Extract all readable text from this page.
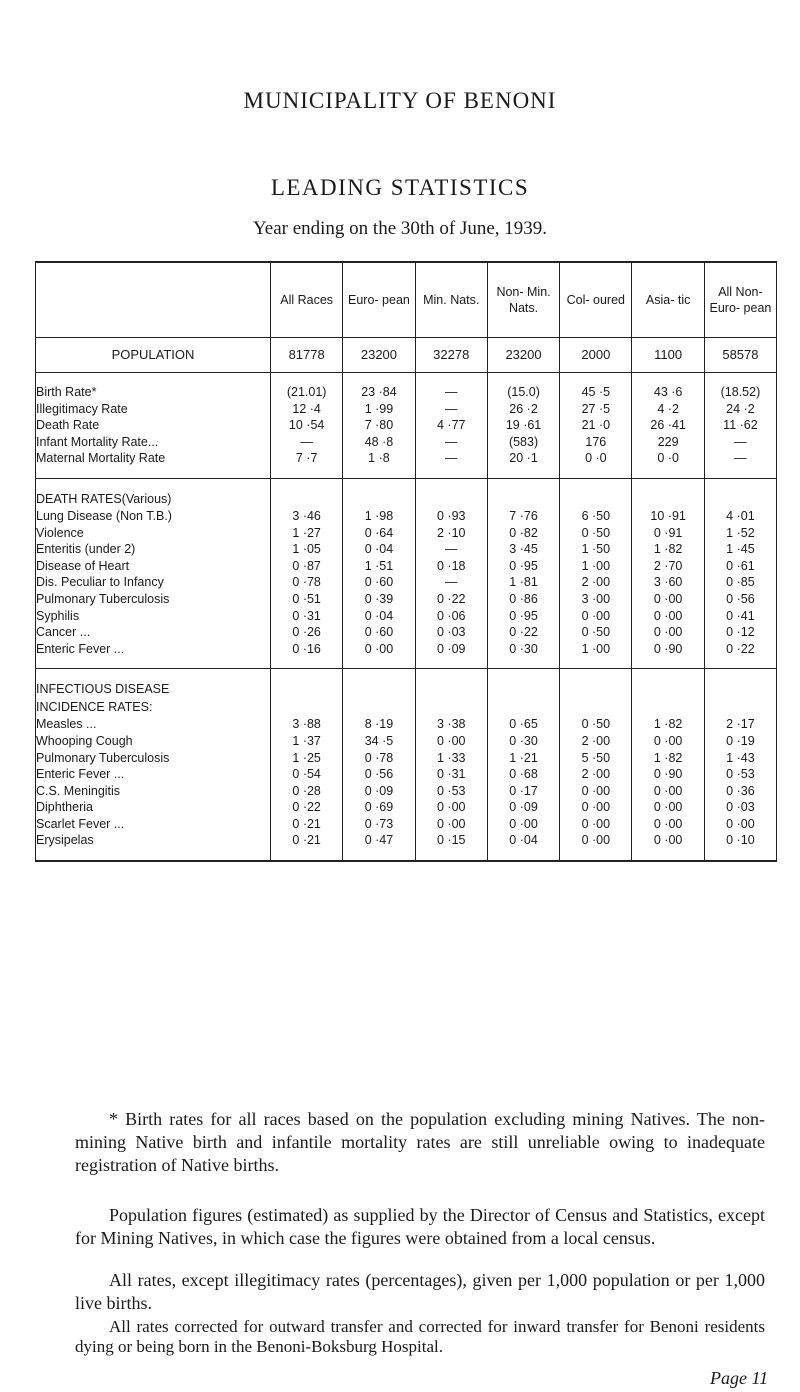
MUNICIPALITY OF BENONI
LEADING STATISTICS
Year ending on the 30th of June, 1939.
	All Races	Euro- pean	Min. Nats.	Non- Min. Nats.	Col- oured	Asia- tic	All Non- Euro- pean
POPULATION	81778	23200	32278	23200	2000	1100	58578

Birth Rate*	(21.01)	23 ·84	—	(15.0)	45 ·5	43 ·6	(18.52)
Illegitimacy Rate	12 ·4	1 ·99	—	26 ·2	27 ·5	4 ·2	24 ·2
Death Rate	10 ·54	7 ·80	4 ·77	19 ·61	21 ·0	26 ·41	11 ·62
Infant Mortality Rate...	—	48 ·8	—	(583)	176	229	—
Maternal Mortality Rate	7 ·7	1 ·8	—	20 ·1	0 ·0	0 ·0	—

DEATH RATES(Various)							
Lung Disease (Non T.B.)	3 ·46	1 ·98	0 ·93	7 ·76	6 ·50	10 ·91	4 ·01
Violence	1 ·27	0 ·64	2 ·10	0 ·82	0 ·50	0 ·91	1 ·52
Enteritis (under 2)	1 ·05	0 ·04	—	3 ·45	1 ·50	1 ·82	1 ·45
Disease of Heart	0 ·87	1 ·51	0 ·18	0 ·95	1 ·00	2 ·70	0 ·61
Dis. Peculiar to Infancy	0 ·78	0 ·60	—	1 ·81	2 ·00	3 ·60	0 ·85
Pulmonary Tuberculosis	0 ·51	0 ·39	0 ·22	0 ·86	3 ·00	0 ·00	0 ·56
Syphilis	0 ·31	0 ·04	0 ·06	0 ·95	0 ·00	0 ·00	0 ·41
Cancer ...	0 ·26	0 ·60	0 ·03	0 ·22	0 ·50	0 ·00	0 ·12
Enteric Fever ...	0 ·16	0 ·00	0 ·09	0 ·30	1 ·00	0 ·90	0 ·22

INFECTIOUS DISEASE							
INCIDENCE RATES:							
Measles ...	3 ·88	8 ·19	3 ·38	0 ·65	0 ·50	1 ·82	2 ·17
Whooping Cough	1 ·37	34 ·5	0 ·00	0 ·30	2 ·00	0 ·00	0 ·19
Pulmonary Tuberculosis	1 ·25	0 ·78	1 ·33	1 ·21	5 ·50	1 ·82	1 ·43
Enteric Fever ...	0 ·54	0 ·56	0 ·31	0 ·68	2 ·00	0 ·90	0 ·53
C.S. Meningitis	0 ·28	0 ·09	0 ·53	0 ·17	0 ·00	0 ·00	0 ·36
Diphtheria	0 ·22	0 ·69	0 ·00	0 ·09	0 ·00	0 ·00	0 ·03
Scarlet Fever ...	0 ·21	0 ·73	0 ·00	0 ·00	0 ·00	0 ·00	0 ·00
Erysipelas	0 ·21	0 ·47	0 ·15	0 ·04	0 ·00	0 ·00	0 ·10

* Birth rates for all races based on the population excluding mining Natives. The non-mining Native birth and infantile mortality rates are still unreliable owing to inadequate registration of Native births.

Population figures (estimated) as supplied by the Director of Census and Statistics, except for Mining Natives, in which case the figures were obtained from a local census.

All rates, except illegitimacy rates (percentages), given per 1,000 population or per 1,000 live births.

All rates corrected for outward transfer and corrected for inward transfer for Benoni residents dying or being born in the Benoni-Boksburg Hospital.

Page 11
